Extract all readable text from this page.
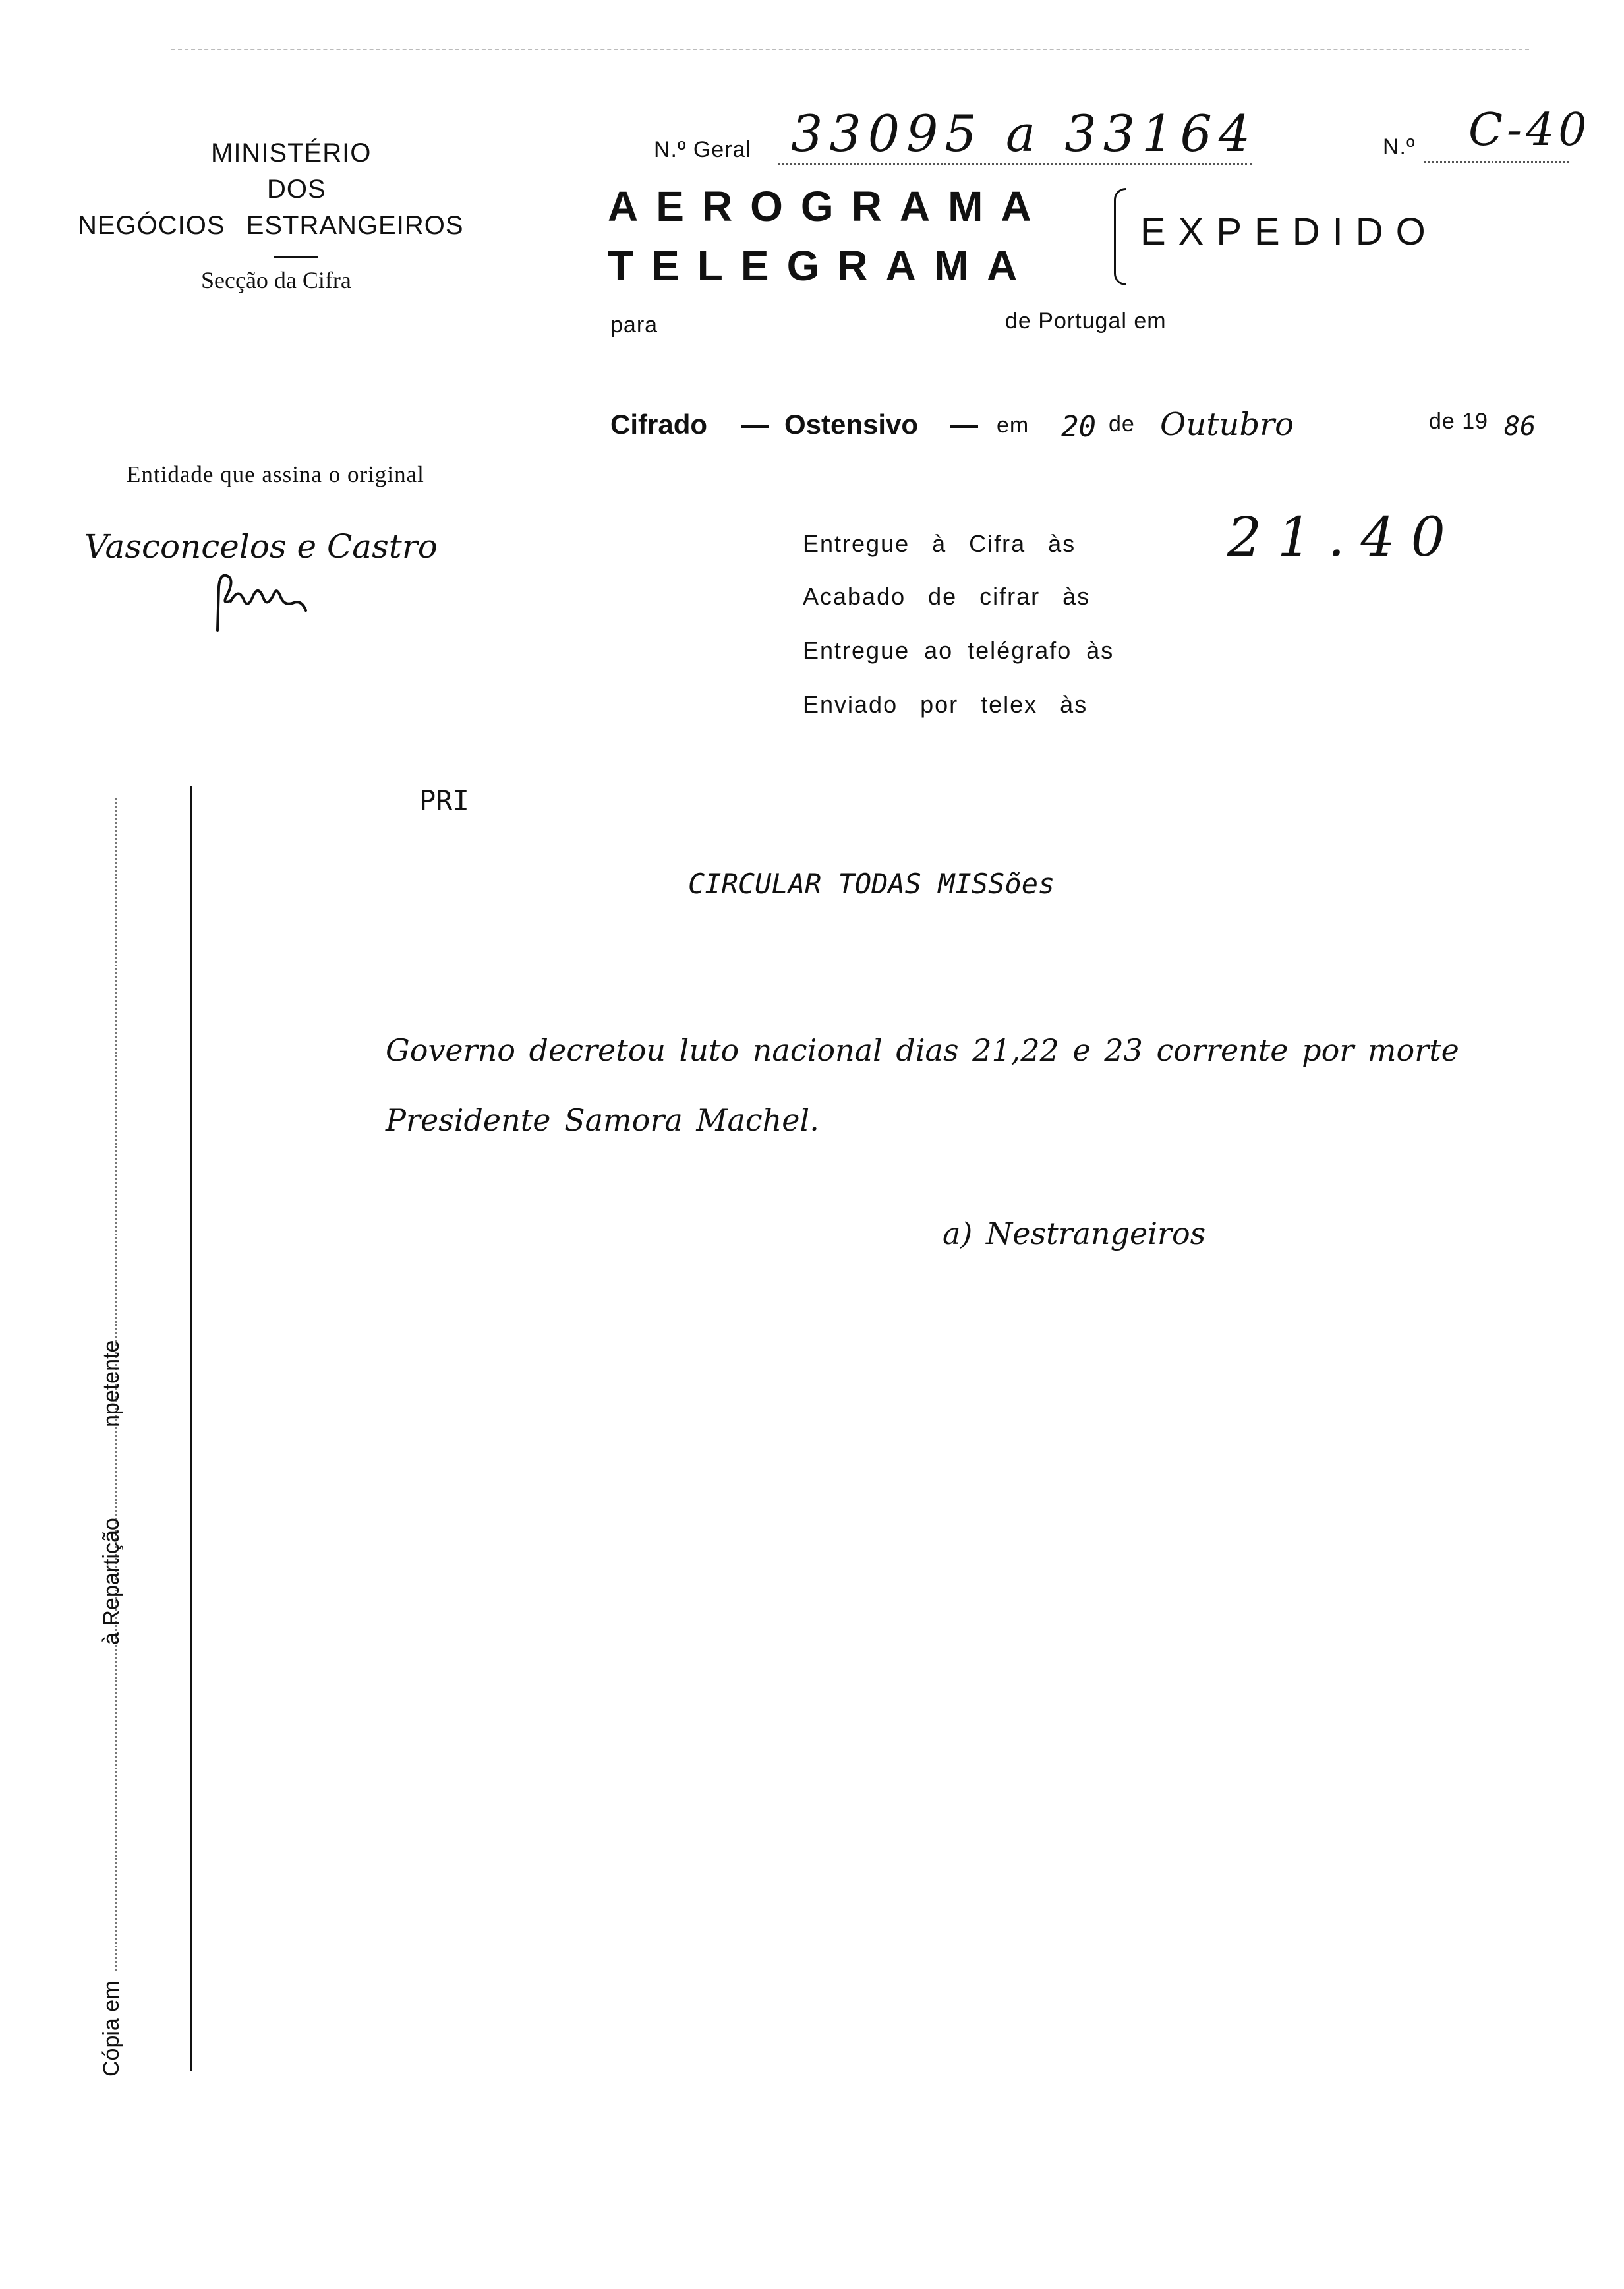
MINISTÉRIO
DOS
NEGÓCIOS ESTRANGEIROS
Secção da Cifra
N.º Geral 33095 a 33164	N.º C-40
AEROGRAMA
TELEGRAMA
EXPEDIDO
para	de Portugal em
Entidade que assina o original
Cifrado — Ostensivo — em 20 de Outubro	de 19 86
Vasconcelos e Castro	Entregue à Cifra às
Acabado de cifrar às
Entregue ao telégrafo às
Enviado por telex às
21.40
Cópia em
à Repartição
npetente
PRI
CIRCULAR TODAS MISSões
Governo decretou luto nacional dias 21,22 e 23 corrente por morte
Presidente Samora Machel.
a) Nestrangeiros
